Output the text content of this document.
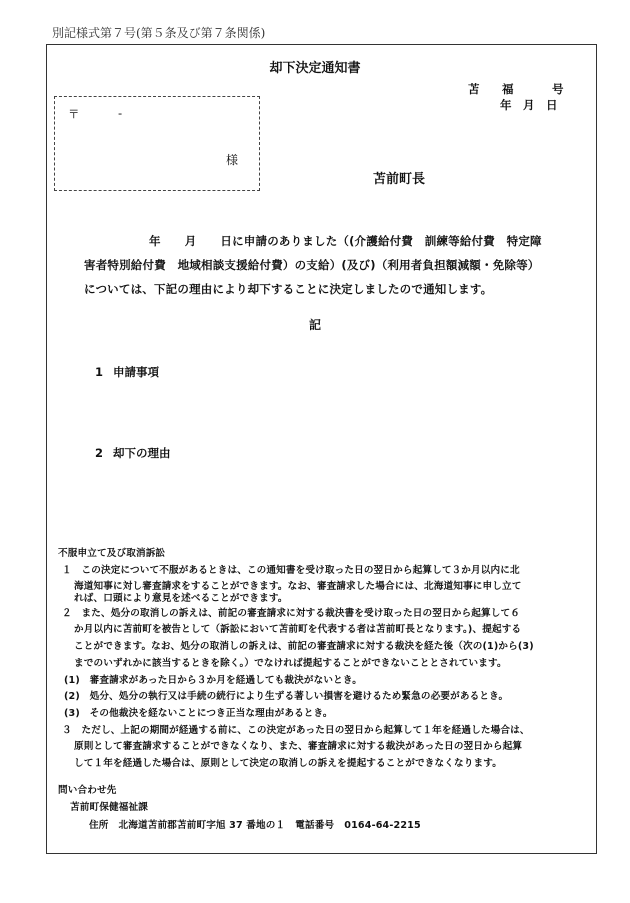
別記様式第７号(第５条及び第７条関係)
却下決定通知書
苫 福	号
年　月　日
〒	-
様
苫前町長
年 月 日に申請のありました（(介護給付費　訓練等給付費　特定障
害者特別給付費　地域相談支援給付費）の支給）(及び)（利用者負担額減額・免除等）
については、下記の理由により却下することに決定しましたので通知します。
記
1 申請事項
2 却下の理由
不服申立て及び取消訴訟
１　この決定について不服があるときは、この通知書を受け取った日の翌日から起算して３か月以内に北
海道知事に対し審査請求をすることができます。なお、審査請求した場合には、北海道知事に申し立て
２　また、処分の取消しの訴えは、前記の審査請求に対する裁決書を受け取った日の翌日から起算して６
か月以内に苫前町を被告として（訴訟において苫前町を代表する者は苫前町長となります。)、提起する
ことができます。なお、処分の取消しの訴えは、前記の審査請求に対する裁決を経た後（次の(1)から(3)
までのいずれかに該当するときを除く。）でなければ提起することができないこととされています。
(1)　審査請求があった日から３か月を経過しても裁決がないとき。
(2)　処分、処分の執行又は手続の続行により生ずる著しい損害を避けるため緊急の必要があるとき。
(3)　その他裁決を経ないことにつき正当な理由があるとき。
３　ただし、上記の期間が経過する前に、この決定があった日の翌日から起算して１年を経過した場合は、
原則として審査請求することができなくなり、また、審査請求に対する裁決があった日の翌日から起算
して１年を経過した場合は、原則として決定の取消しの訴えを提起することができなくなります。
問い合わせ先
苫前町保健福祉課
住所 北海道苫前郡苫前町字旭 37 番地の１ 電話番号 0164-64-2215
れば、口頭により意見を述べることができます。
